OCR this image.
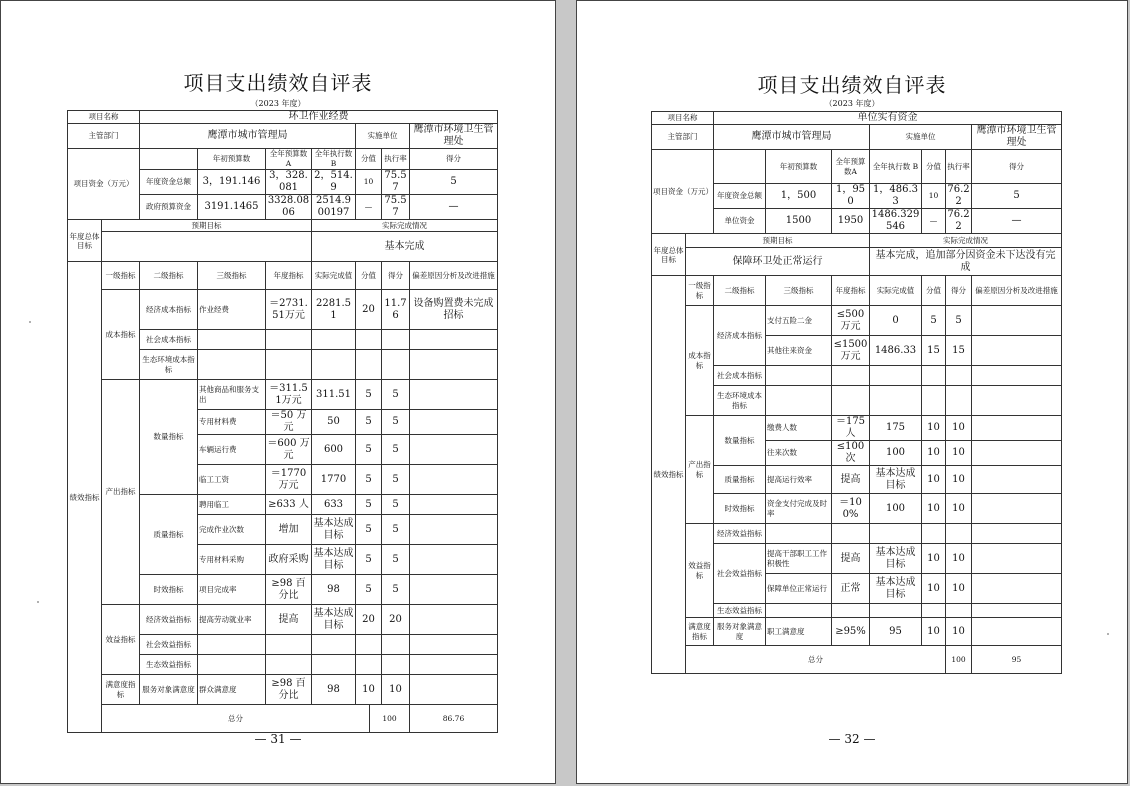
项目支出绩效自评表
（2023 年度）
项目名称		环卫作业经费								
主管部门		鹰潭市城市管理局				实施单位			鹰潭市环境卫生管理处	
项目资金（万元）			年初预算数	全年预算数 A	全年执行数 B	分值		执行率	得分	
		年度资金总额	3，191.146	3，328.081	2，514.9	10		75.57	5	
		政府预算资金	3191.1465	3328.0806	2514.900197	—		75.57	—	
年度总体目标	预期目标				实际完成情况					
					基本完成					
绩效指标	一级指标	二级指标	三级指标	年度指标	实际完成值	分值		得分	偏差原因分析及改进措施	
	成本指标	经济成本指标	作业经费	＝2731.51万元	2281.51	20		11.76	设备购置费未完成招标	
		社会成本指标								
		生态环境成本指标								
	产出指标	数量指标	其他商品和服务支出	＝311.51万元	311.51	5		5		
			专用材料费	＝50 万元	50	5		5		
			车辆运行费	＝600 万元	600	5		5		
			临工工资	＝1770 万元	1770	5		5		
		质量指标	聘用临工	≥633 人	633	5		5		
			完成作业次数	增加	基本达成目标	5		5		
			专用材料采购	政府采购	基本达成目标	5		5		
		时效指标	项目完成率	≥98 百分比	98	5		5		
	效益指标	经济效益指标	提高劳动就业率	提高	基本达成目标	20		20		
		社会效益指标								
		生态效益指标								
	满意度指标	服务对象满意度	群众满意度	≥98 百分比	98	10		10		
	总分						100		86.76	
— 31 —
项目支出绩效自评表
（2023 年度）
项目名称		单位实有资金							
主管部门		鹰潭市城市管理局			实施单位			鹰潭市环境卫生管理处	
项目资金（万元）			年初预算数	全年预算数A	全年执行数 B	分值	执行率	得分	
		年度资金总额	1，500	1，950	1，486.33	10	76.22	5	
		单位资金	1500	1950	1486.329546	—	76.22	—	
年度总体目标	预期目标				实际完成情况				
	保障环卫处正常运行				基本完成，追加部分因资金未下达没有完成				
绩效指标	一级指标	二级指标	三级指标	年度指标	实际完成值	分值	得分	偏差原因分析及改进措施	
	成本指标	经济成本指标	支付五险二金	≤500万元	0	5	5		
			其他往来资金	≤1500万元	1486.33	15	15		
		社会成本指标							
		生态环境成本指标							
	产出指标	数量指标	缴费人数	＝175人	175	10	10		
			往来次数	≤100次	100	10	10		
		质量指标	提高运行效率	提高	基本达成目标	10	10		
		时效指标	资金支付完成及时率	＝100%	100	10	10		
	效益指标	经济效益指标							
		社会效益指标	提高干部职工工作积极性	提高	基本达成目标	10	10		
			保障单位正常运行	正常	基本达成目标	10	10		
		生态效益指标							
	满意度指标	服务对象满意度	职工满意度	≥95%	95	10	10		
	总分						100	95	
— 32 —
